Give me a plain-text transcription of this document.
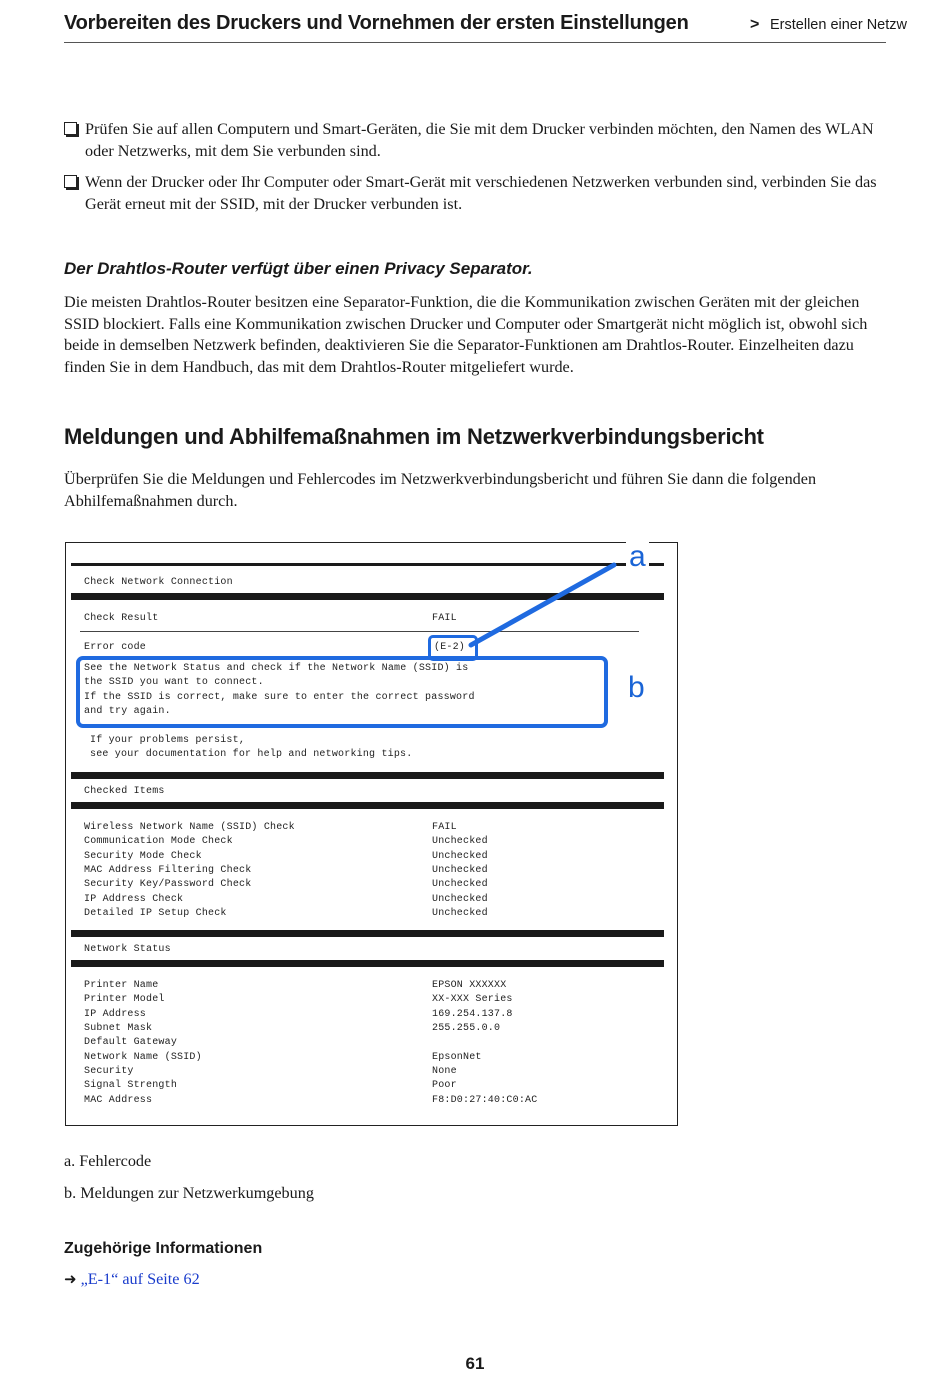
Vorbereiten des Druckers und Vornehmen der ersten Einstellungen	> Erstellen einer Netzw
Prüfen Sie auf allen Computern und Smart-Geräten, die Sie mit dem Drucker verbinden möchten, den Namen des WLAN oder Netzwerks, mit dem Sie verbunden sind.
Wenn der Drucker oder Ihr Computer oder Smart-Gerät mit verschiedenen Netzwerken verbunden sind, verbinden Sie das Gerät erneut mit der SSID, mit der Drucker verbunden ist.
Der Drahtlos-Router verfügt über einen Privacy Separator.
Die meisten Drahtlos-Router besitzen eine Separator-Funktion, die die Kommunikation zwischen Geräten mit der gleichen SSID blockiert. Falls eine Kommunikation zwischen Drucker und Computer oder Smartgerät nicht möglich ist, obwohl sich beide in demselben Netzwerk befinden, deaktivieren Sie die Separator-Funktionen am Drahtlos-Router. Einzelheiten dazu finden Sie in dem Handbuch, das mit dem Drahtlos-Router mitgeliefert wurde.
Meldungen und Abhilfemaßnahmen im Netzwerkverbindungsbericht
Überprüfen Sie die Meldungen und Fehlercodes im Netzwerkverbindungsbericht und führen Sie dann die folgenden Abhilfemaßnahmen durch.
Check Network Connection
Check Result	FAIL
Error code	(E-2)
See the Network Status and check if the Network Name (SSID) is
the SSID you want to connect.
If the SSID is correct, make sure to enter the correct password
and try again.
If your problems persist,
see your documentation for help and networking tips.
Checked Items
Wireless Network Name (SSID) Check	FAIL
Communication Mode Check	Unchecked
Security Mode Check	Unchecked
MAC Address Filtering Check	Unchecked
Security Key/Password Check	Unchecked
IP Address Check	Unchecked
Detailed IP Setup Check	Unchecked
Network Status
Printer Name	EPSON XXXXXX
Printer Model	XX-XXX Series
IP Address	169.254.137.8
Subnet Mask	255.255.0.0
Default Gateway
Network Name (SSID)	EpsonNet
Security	None
Signal Strength	Poor
MAC Address	F8:D0:27:40:C0:AC
a
b
a. Fehlercode
b. Meldungen zur Netzwerkumgebung
Zugehörige Informationen
➜ „E-1“ auf Seite 62
61
